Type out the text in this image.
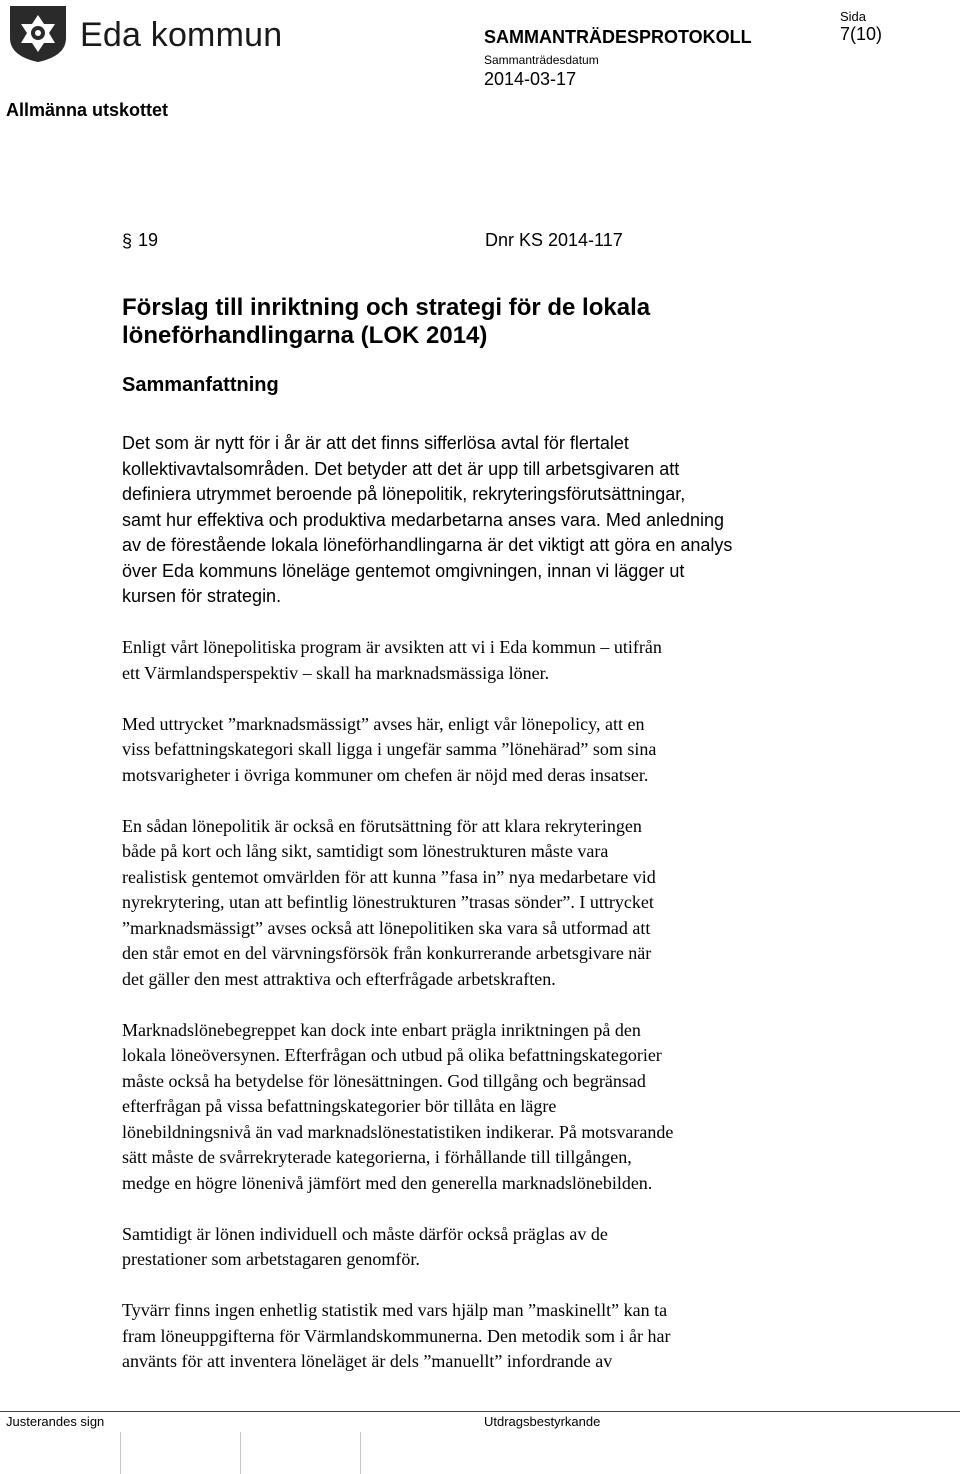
Eda kommun	SAMMANTRÄDESPROTOKOLL
Sammanträdesdatum
2014-03-17
Sida
7(10)
Allmänna utskottet
§ 19	Dnr KS 2014-117
Förslag till inriktning och strategi för de lokala löneförhandlingarna (LOK 2014)
Sammanfattning

Det som är nytt för i år är att det finns sifferlösa avtal för flertalet
kollektivavtalsområden. Det betyder att det är upp till arbetsgivaren att
definiera utrymmet beroende på lönepolitik, rekryteringsförutsättningar,
samt hur effektiva och produktiva medarbetarna anses vara. Med anledning
av de förestående lokala löneförhandlingarna är det viktigt att göra en analys
över Eda kommuns löneläge gentemot omgivningen, innan vi lägger ut
kursen för strategin.

Enligt vårt lönepolitiska program är avsikten att vi i Eda kommun – utifrån
ett Värmlandsperspektiv – skall ha marknadsmässiga löner.

Med uttrycket ”marknadsmässigt” avses här, enligt vår lönepolicy, att en
viss befattningskategori skall ligga i ungefär samma ”lönehärad” som sina
motsvarigheter i övriga kommuner om chefen är nöjd med deras insatser.

En sådan lönepolitik är också en förutsättning för att klara rekryteringen
både på kort och lång sikt, samtidigt som lönestrukturen måste vara
realistisk gentemot omvärlden för att kunna ”fasa in” nya medarbetare vid
nyrekrytering, utan att befintlig lönestrukturen ”trasas sönder”. I uttrycket
”marknadsmässigt” avses också att lönepolitiken ska vara så utformad att
den står emot en del värvningsförsök från konkurrerande arbetsgivare när
det gäller den mest attraktiva och efterfrågade arbetskraften.

Marknadslönebegreppet kan dock inte enbart prägla inriktningen på den
lokala löneöversynen. Efterfrågan och utbud på olika befattningskategorier
måste också ha betydelse för lönesättningen. God tillgång och begränsad
efterfrågan på vissa befattningskategorier bör tillåta en lägre
lönebildningsnivå än vad marknadslönestatistiken indikerar. På motsvarande
sätt måste de svårrekryterade kategorierna, i förhållande till tillgången,
medge en högre lönenivå jämfört med den generella marknadslönebilden.

Samtidigt är lönen individuell och måste därför också präglas av de
prestationer som arbetstagaren genomför.

Tyvärr finns ingen enhetlig statistik med vars hjälp man ”maskinellt” kan ta
fram löneuppgifterna för Värmlandskommunerna. Den metodik som i år har
använts för att inventera löneläget är dels ”manuellt” infordrande av

Justerandes sign	Utdragsbestyrkande
